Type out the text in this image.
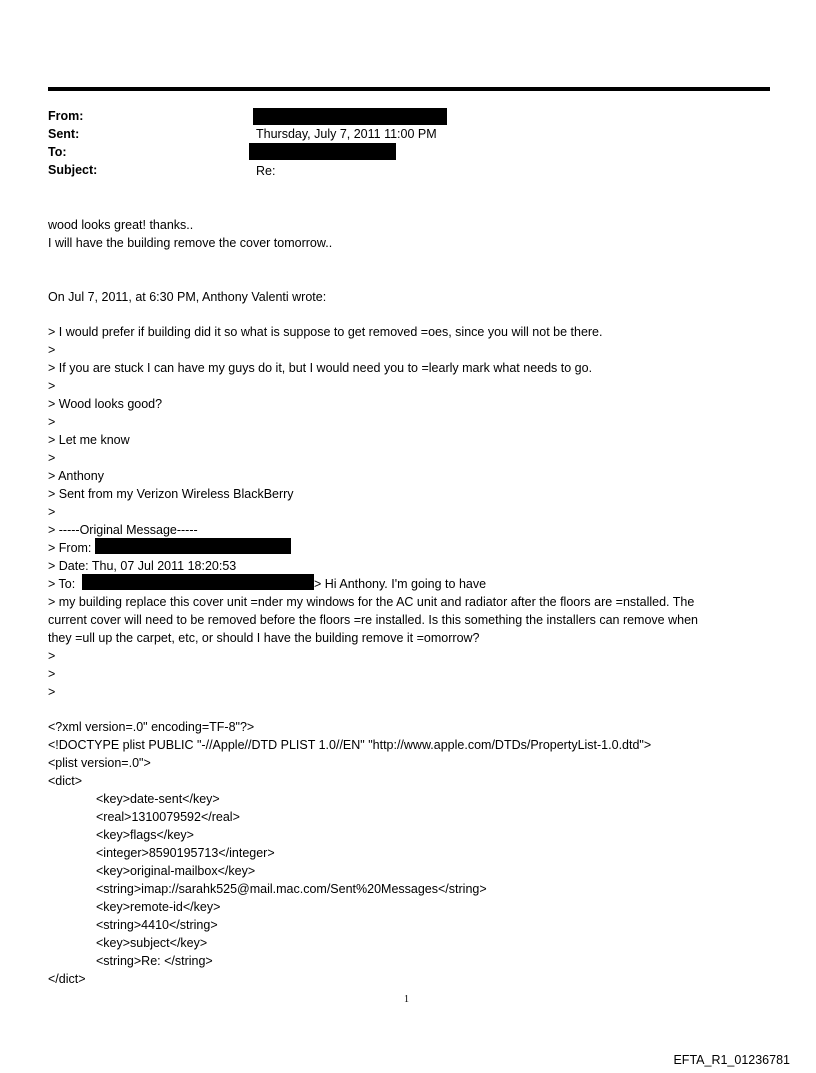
From:
Sent:	Thursday, July 7, 2011 11:00 PM
To:
Subject:	Re:
wood looks great! thanks..
I will have the building remove the cover tomorrow..
On Jul 7, 2011, at 6:30 PM, Anthony Valenti wrote:
> I would prefer if building did it so what is suppose to get removed =oes, since you will not be there.
>
> If you are stuck I can have my guys do it, but I would need you to =learly mark what needs to go.
>
> Wood looks good?
>
> Let me know
>
> Anthony
> Sent from my Verizon Wireless BlackBerry
>
> -----Original Message-----
> From:
> Date: Thu, 07 Jul 2011 18:20:53
> To:	> Hi Anthony. I'm going to have
> my building replace this cover unit =nder my windows for the AC unit and radiator after the floors are =nstalled. The
current cover will need to be removed before the floors =re installed. Is this something the installers can remove when
they =ull up the carpet, etc, or should I have the building remove it =omorrow?
>
>
>
<?xml version=.0" encoding=TF-8"?>
<!DOCTYPE plist PUBLIC "-//Apple//DTD PLIST 1.0//EN" "http://www.apple.com/DTDs/PropertyList-1.0.dtd">
<plist version=.0">
<dict>
<key>date-sent</key>
<real>1310079592</real>
<key>flags</key>
<integer>8590195713</integer>
<key>original-mailbox</key>
<string>imap://sarahk525@mail.mac.com/Sent%20Messages</string>
<key>remote-id</key>
<string>4410</string>
<key>subject</key>
<string>Re: </string>
</dict>
1
EFTA_R1_01236781
